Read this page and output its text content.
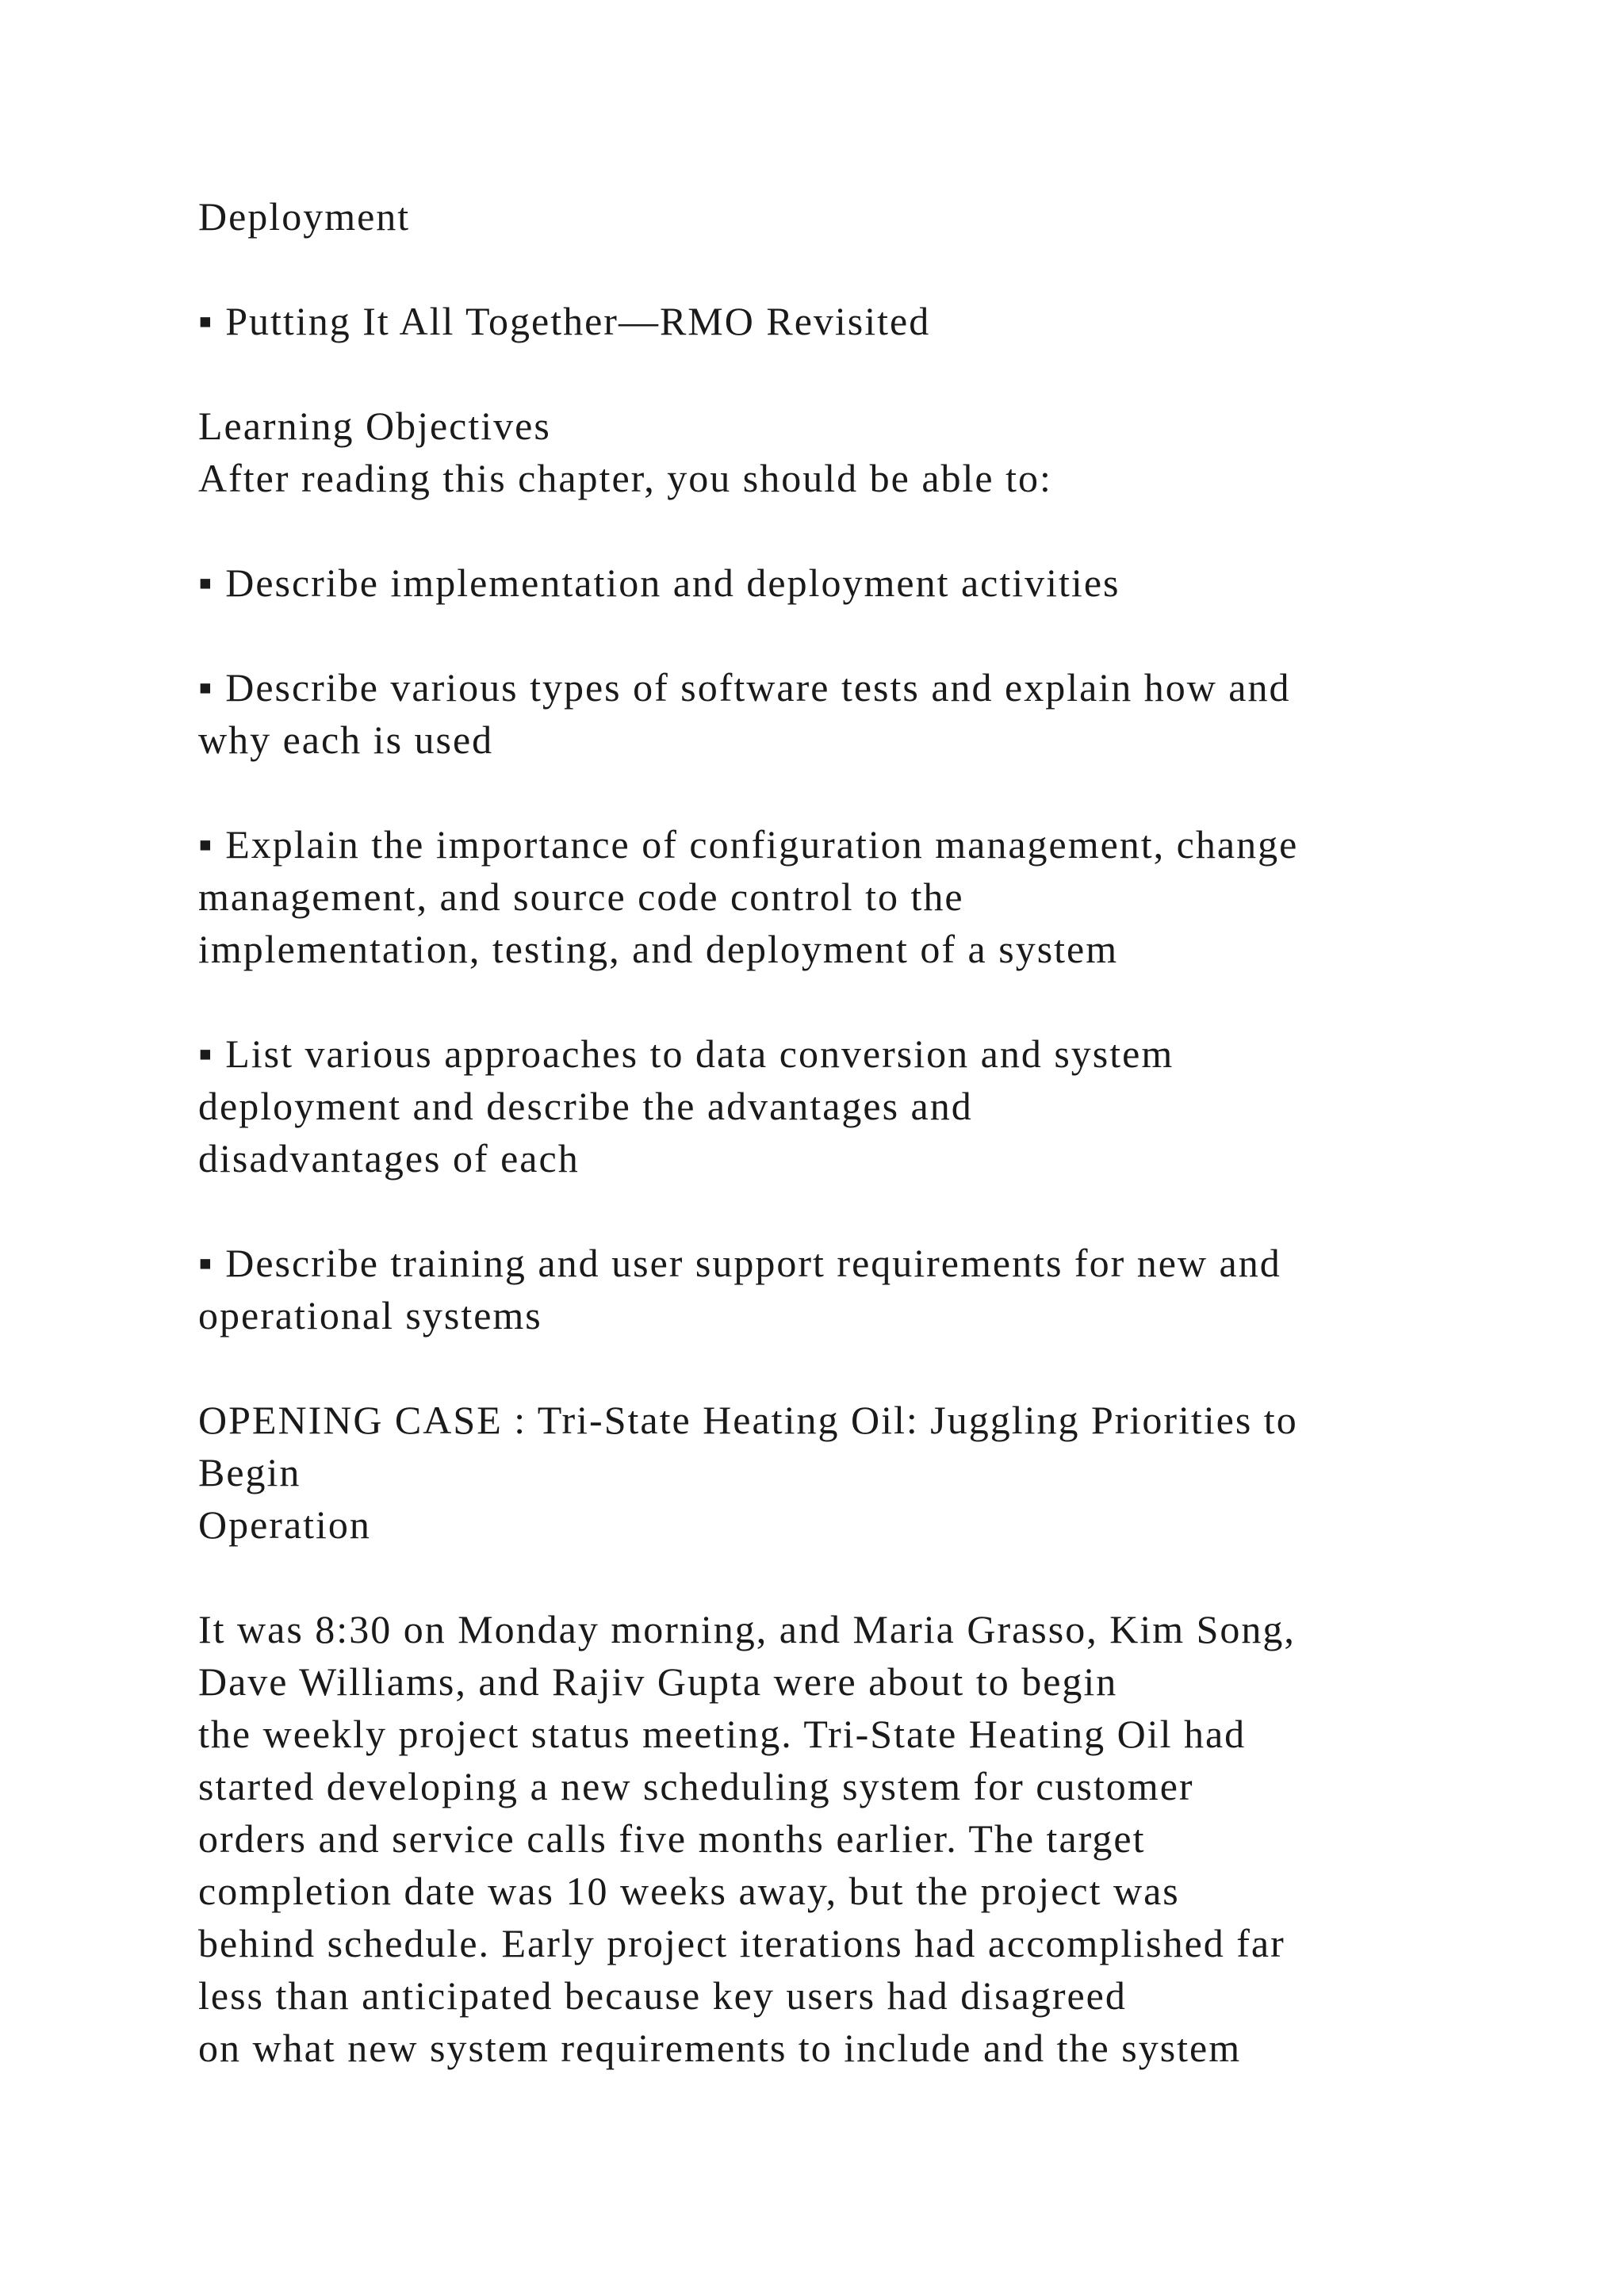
Deployment

▪ Putting It All Together—RMO Revisited

Learning Objectives
After reading this chapter, you should be able to:

▪ Describe implementation and deployment activities

▪ Describe various types of software tests and explain how and
why each is used

▪ Explain the importance of configuration management, change
management, and source code control to the
implementation, testing, and deployment of a system

▪ List various approaches to data conversion and system
deployment and describe the advantages and
disadvantages of each

▪ Describe training and user support requirements for new and
operational systems

OPENING CASE : Tri-State Heating Oil: Juggling Priorities to
Begin
Operation

It was 8:30 on Monday morning, and Maria Grasso, Kim Song,
Dave Williams, and Rajiv Gupta were about to begin
the weekly project status meeting. Tri-State Heating Oil had
started developing a new scheduling system for customer
orders and service calls five months earlier. The target
completion date was 10 weeks away, but the project was
behind schedule. Early project iterations had accomplished far
less than anticipated because key users had disagreed
on what new system requirements to include and the system
